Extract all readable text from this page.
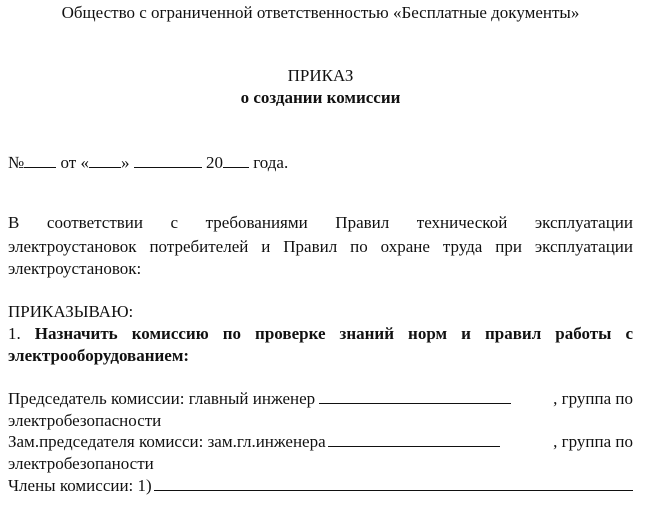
Общество с ограниченной ответственностью «Бесплатные документы»
ПРИКАЗ
о создании комиссии
№ от « »	20 года.
В соответствии с требованиями Правил технической эксплуатации
электроустановок потребителей и Правил по охране труда при эксплуатации
электроустановок:
ПРИКАЗЫВАЮ:
1. Назначить комиссию по проверке знаний норм и правил работы с
электрооборудованием:
Председатель комиссии: главный инженер	, группа по
электробезопасности
Зам.председателя комисси: зам.гл.инженера	, группа по
электробезопаности
Члены комиссии: 1)
